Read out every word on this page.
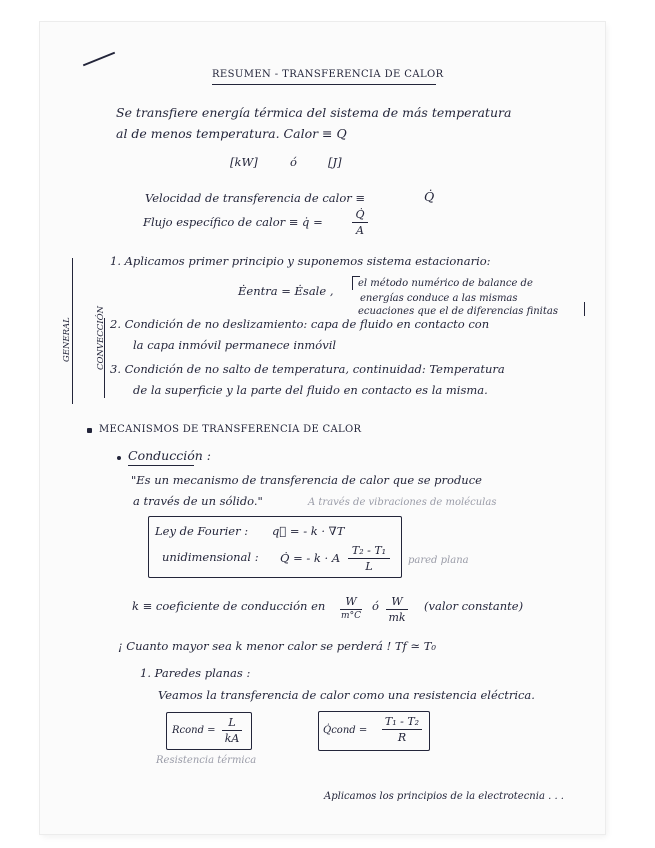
RESUMEN - TRANSFERENCIA DE CALOR
Se transfiere energía térmica del sistema de más temperatura
al de menos temperatura. Calor ≡ Q
[kW]	ó	[J]
Velocidad de transferencia de calor ≡	Q̇
Flujo específico de calor ≡ q̇ =
Q̇
A
GENERAL	CONVECCIÓN
1. Aplicamos primer principio y suponemos sistema estacionario:
Ėentra = Ėsale ,
el método numérico de balance de
energías conduce a las mismas
ecuaciones que el de diferencias finitas
2. Condición de no deslizamiento: capa de fluido en contacto con
la capa inmóvil permanece inmóvil
3. Condición de no salto de temperatura, continuidad: Temperatura
de la superficie y la parte del fluido en contacto es la misma.
MECANISMOS DE TRANSFERENCIA DE CALOR
Conducción :
"Es un mecanismo de transferencia de calor que se produce
a través de un sólido."	A través de vibraciones de moléculas
Ley de Fourier : q⃗ = - k · ∇T
unidimensional : Q̇ = - k · A
T₂ - T₁
L	pared plana
k ≡ coeficiente de conducción en W
m°C
ó W
mk
(valor constante)
¡ Cuanto mayor sea k menor calor se perderá ! Tf ≃ T₀
1. Paredes planas :
Veamos la transferencia de calor como una resistencia eléctrica.
Rcond =
L
kA
Q̇cond =
T₁ - T₂
R
Resistencia térmica
Aplicamos los principios de la electrotecnia . . .
